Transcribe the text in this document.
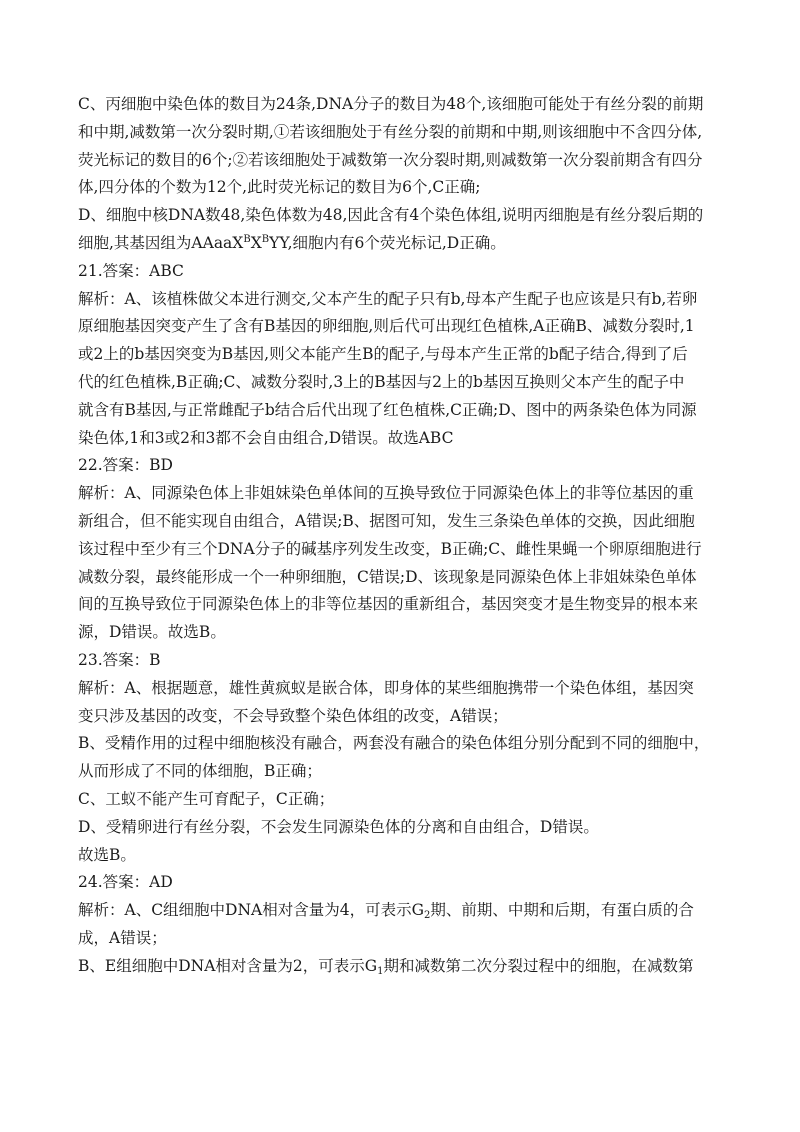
C、丙细胞中染色体的数目为24条,DNA分子的数目为48个,该细胞可能处于有丝分裂的前期
和中期,减数第一次分裂时期,①若该细胞处于有丝分裂的前期和中期,则该细胞中不含四分体,
荧光标记的数目的6个;②若该细胞处于减数第一次分裂时期,则减数第一次分裂前期含有四分
体,四分体的个数为12个,此时荧光标记的数目为6个,C正确;
D、细胞中核DNA数48,染色体数为48,因此含有4个染色体组,说明丙细胞是有丝分裂后期的
细胞,其基因组为$AAaaX^BX^BYY$,细胞内有6个荧光标记,D正确。
21.答案：ABC
解析：A、该植株做父本进行测交,父本产生的配子只有b,母本产生配子也应该是只有b,若卵
原细胞基因突变产生了含有B基因的卵细胞,则后代可出现红色植株,A正确B、减数分裂时,1
或2上的b基因突变为B基因,则父本能产生B的配子,与母本产生正常的b配子结合,得到了后
代的红色植株,B正确;C、减数分裂时,3上的B基因与2上的b基因互换则父本产生的配子中
就含有B基因,与正常雌配子b结合后代出现了红色植株,C正确;D、图中的两条染色体为同源
染色体,1和3或2和3都不会自由组合,D错误。故选ABC
22.答案：BD
解析：A、同源染色体上非姐妹染色单体间的互换导致位于同源染色体上的非等位基因的重
新组合，但不能实现自由组合，A错误;B、据图可知，发生三条染色单体的交换，因此细胞
该过程中至少有三个DNA分子的碱基序列发生改变，B正确;C、雌性果蝇一个卵原细胞进行
减数分裂，最终能形成一个一种卵细胞，C错误;D、该现象是同源染色体上非姐妹染色单体
间的互换导致位于同源染色体上的非等位基因的重新组合，基因突变才是生物变异的根本来
源，D错误。故选B。
23.答案：B
解析：A、根据题意，雄性黄疯蚁是嵌合体，即身体的某些细胞携带一个染色体组，基因突
变只涉及基因的改变，不会导致整个染色体组的改变，A错误；
B、受精作用的过程中细胞核没有融合，两套没有融合的染色体组分别分配到不同的细胞中，
从而形成了不同的体细胞，B正确；
C、工蚁不能产生可育配子，C正确；
D、受精卵进行有丝分裂，不会发生同源染色体的分离和自由组合，D错误。
故选B。
24.答案：AD
解析：A、C组细胞中DNA相对含量为4，可表示$G_2$期、前期、中期和后期，有蛋白质的合
成，A错误；
B、E组细胞中DNA相对含量为2，可表示$G_1$期和减数第二次分裂过程中的细胞，在减数第
